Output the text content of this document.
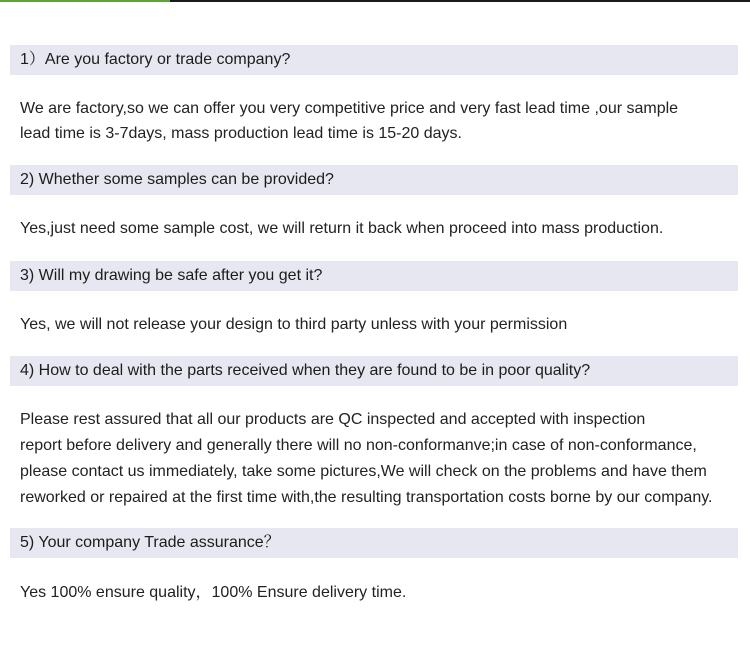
1）Are you factory or trade company?
We are factory,so we can offer you very competitive price and very fast lead time ,our sample
lead time is 3-7days, mass production lead time is 15-20 days.
2) Whether some samples can be provided?
Yes,just need some sample cost, we will return it back when proceed into mass production.
3) Will my drawing be safe after you get it?
Yes, we will not release your design to third party unless with your permission
4) How to deal with the parts received when they are found to be in poor quality?
Please rest assured that all our products are QC inspected and accepted with inspection
report before delivery and generally there will no non-conformanve;in case of non-conformance,
please contact us immediately, take some pictures,We will check on the problems and have them
reworked or repaired at the first time with,the resulting transportation costs borne by our company.
5) Your company Trade assurance？
Yes 100% ensure quality，100% Ensure delivery time.
